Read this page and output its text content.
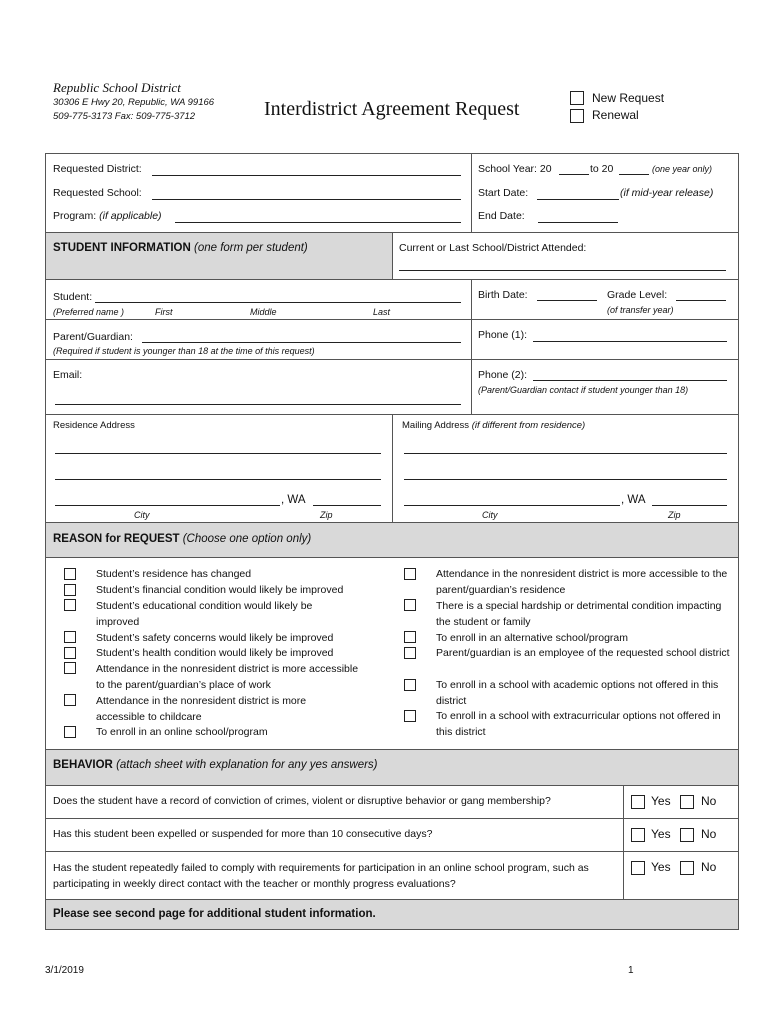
Republic School District
30306 E Hwy 20, Republic, WA 99166
509-775-3173 Fax: 509-775-3712	Interdistrict Agreement Request	New Request
Renewal
Requested District:
Requested School:
Program: (if applicable)
School Year: 20	to 20	(one year only)
Start Date:	(if mid-year release)
End Date:
STUDENT INFORMATION (one form per student)	Current or Last School/District Attended:
Student:
(Preferred name )	First	Middle	Last
Birth Date:	Grade Level:
(of transfer year)
Parent/Guardian:
(Required if student is younger than 18 at the time of this request)
Phone (1):
Email:	Phone (2):
(Parent/Guardian contact if student younger than 18)
Residence Address
, WA
City	Zip
Mailing Address (if different from residence)
, WA
City	Zip
REASON for REQUEST (Choose one option only)
Student’s residence has changed
Student’s financial condition would likely be improved
Student’s educational condition would likely be improved
Student’s safety concerns would likely be improved
Student’s health condition would likely be improved
Attendance in the nonresident district is more accessible to the parent/guardian’s place of work
Attendance in the nonresident district is more accessible to childcare
To enroll in an online school/program
Attendance in the nonresident district is more accessible to the parent/guardian’s residence
There is a special hardship or detrimental condition impacting the student or family
To enroll in an alternative school/program
Parent/guardian is an employee of the requested school district
To enroll in a school with academic options not offered in this district
To enroll in a school with extracurricular options not offered in this district
BEHAVIOR (attach sheet with explanation for any yes answers)
Does the student have a record of conviction of crimes, violent or disruptive behavior or gang membership?	Yes	No
Has this student been expelled or suspended for more than 10 consecutive days?	Yes	No
Has the student repeatedly failed to comply with requirements for participation in an online school program, such as participating in weekly direct contact with the teacher or monthly progress evaluations?
Yes	No
Please see second page for additional student information.
3/1/2019	1
